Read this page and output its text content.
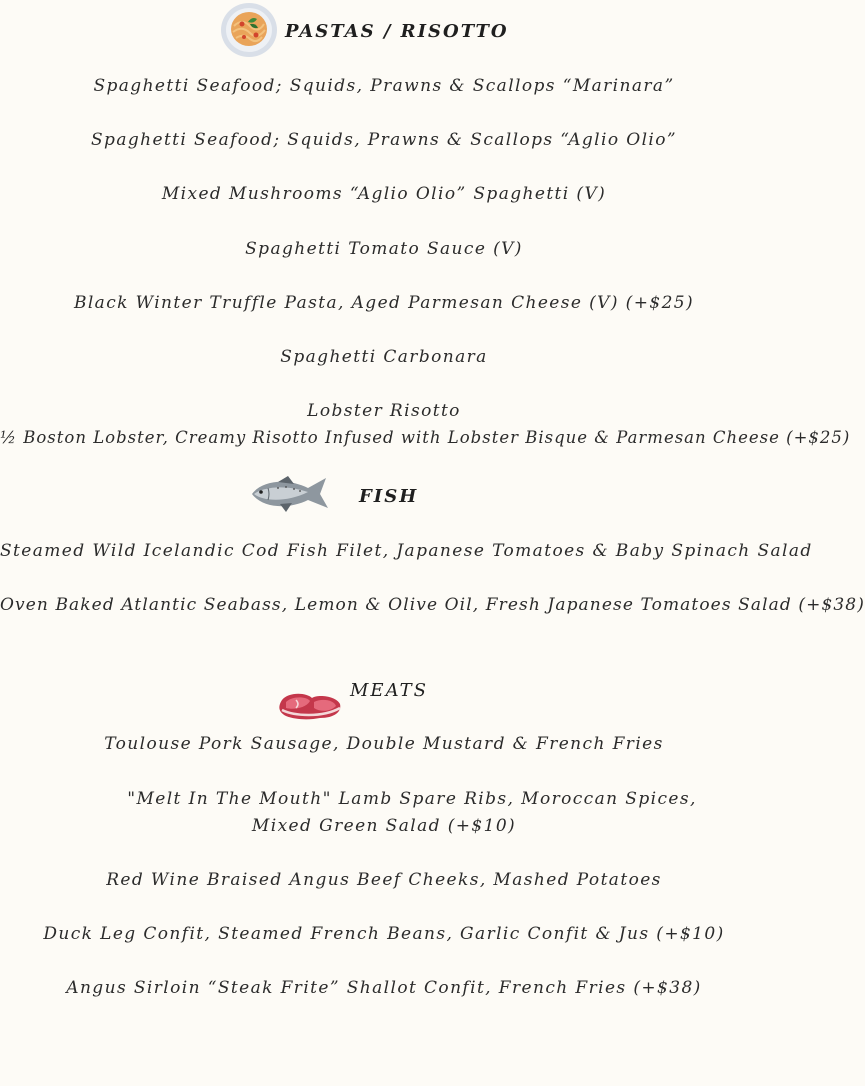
PASTAS / RISOTTO
Spaghetti Seafood; Squids, Prawns & Scallops “Marinara”
Spaghetti Seafood; Squids, Prawns & Scallops “Aglio Olio”
Mixed Mushrooms “Aglio Olio” Spaghetti (V)
Spaghetti Tomato Sauce (V)
Black Winter Truffle Pasta, Aged Parmesan Cheese (V) (+$25)
Spaghetti Carbonara
Lobster Risotto
½ Boston Lobster, Creamy Risotto Infused with Lobster Bisque & Parmesan Cheese (+$25)
FISH
Steamed Wild Icelandic Cod Fish Filet, Japanese Tomatoes & Baby Spinach Salad
Oven Baked Atlantic Seabass, Lemon & Olive Oil, Fresh Japanese Tomatoes Salad (+$38)
MEATS
Toulouse Pork Sausage, Double Mustard & French Fries
"Melt In The Mouth" Lamb Spare Ribs, Moroccan Spices,
Mixed Green Salad (+$10)
Red Wine Braised Angus Beef Cheeks, Mashed Potatoes
Duck Leg Confit, Steamed French Beans, Garlic Confit & Jus (+$10)
Angus Sirloin “Steak Frite” Shallot Confit, French Fries (+$38)
